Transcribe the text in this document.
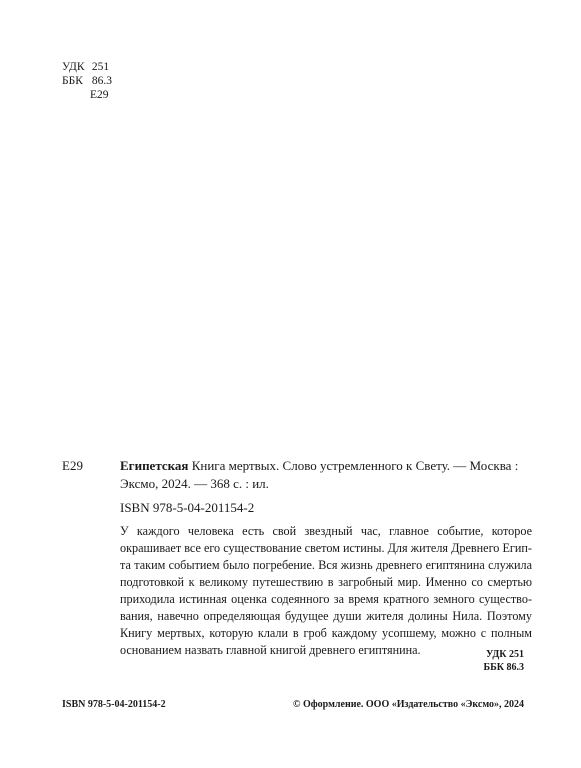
УДК 251
ББК 86.3
Е29
Е29	Египетская Книга мертвых. Слово устремленного к Свету. — Москва :
Эксмо, 2024. — 368 с. : ил.
ISBN 978-5-04-201154-2
У каждого человека есть свой звездный час, главное событие, которое
окрашивает все его существование светом истины. Для жителя Древнего Егип-
та таким событием было погребение. Вся жизнь древнего египтянина служила
подготовкой к великому путешествию в загробный мир. Именно со смертью
приходила истинная оценка содеянного за время кратного земного существо-
вания, навечно определяющая будущее души жителя долины Нила. Поэтому
Книгу мертвых, которую клали в гроб каждому усопшему, можно с полным
основанием назвать главной книгой древнего египтянина.	УДК 251
ББК 86.3
ISBN 978-5-04-201154-2	© Оформление. ООО «Издательство «Эксмо», 2024
